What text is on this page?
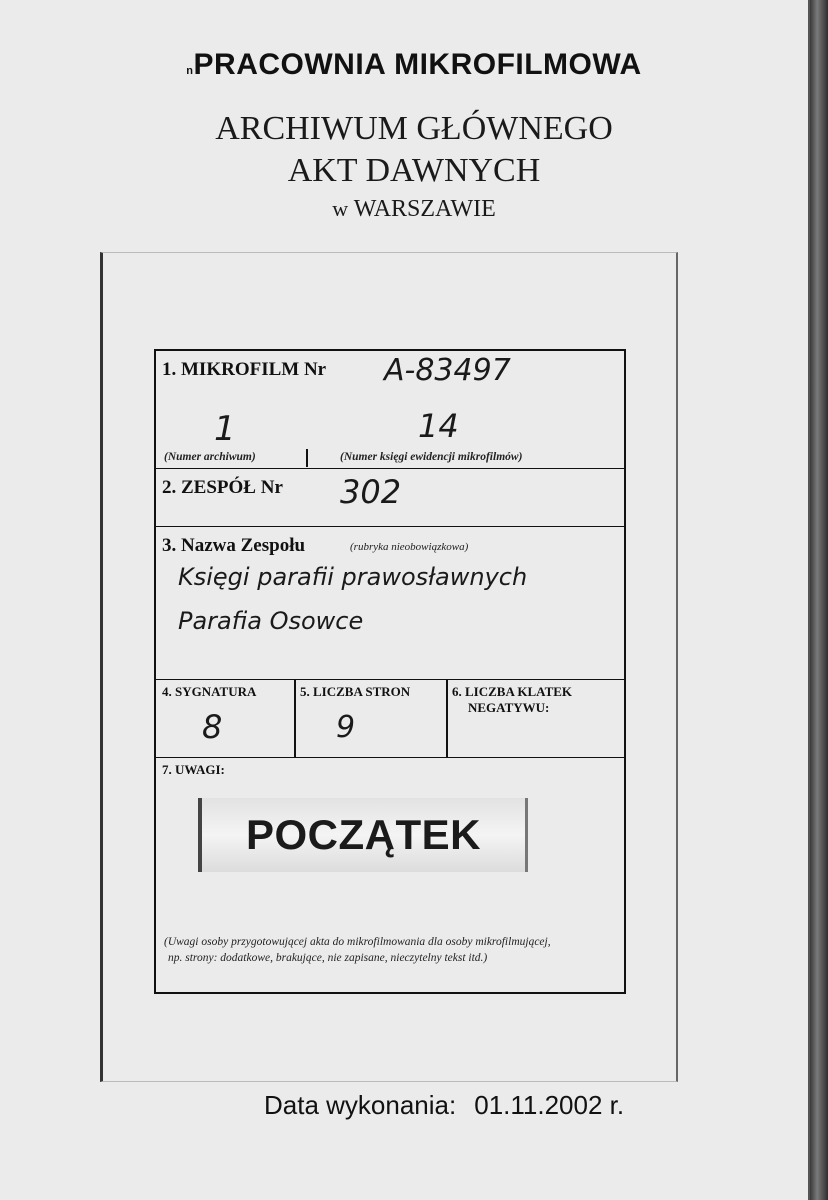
nPRACOWNIA MIKROFILMOWA
ARCHIWUM GŁÓWNEGO
AKT DAWNYCH
w WARSZAWIE
1. MIKROFILM Nr A-83497
1	14
(Numer archiwum)	(Numer księgi ewidencji mikrofilmów)
2. ZESPÓŁ Nr 302
3. Nazwa Zespołu	(rubryka nieobowiązkowa)
Księgi parafii prawosławnych
Parafia Osowce
4. SYGNATURA
8
5. LICZBA STRON
9
6. LICZBA KLATEK
NEGATYWU:
7. UWAGI:
POCZĄTEK
(Uwagi osoby przygotowującej akta do mikrofilmowania dla osoby mikrofilmującej,
np. strony: dodatkowe, brakujące, nie zapisane, nieczytelny tekst itd.)
Data wykonania: 01.11.2002 r.
